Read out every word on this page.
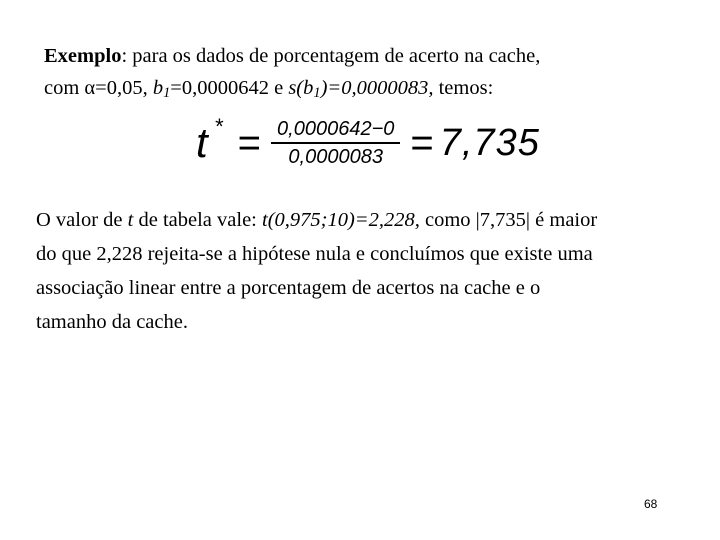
Exemplo: para os dados de porcentagem de acerto na cache,
com α=0,05, $b_1=0,0000642$ e $s(b_1)=0,0000083$, temos:
t * = $\frac{0,0000642-0}{0,0000083} = 7,735$
O valor de t de tabela vale: t(0,975;10)=2,228, como |7,735| é maior
do que 2,228 rejeita-se a hipótese nula e concluímos que existe uma
associação linear entre a porcentagem de acertos na cache e o
tamanho da cache.
68
